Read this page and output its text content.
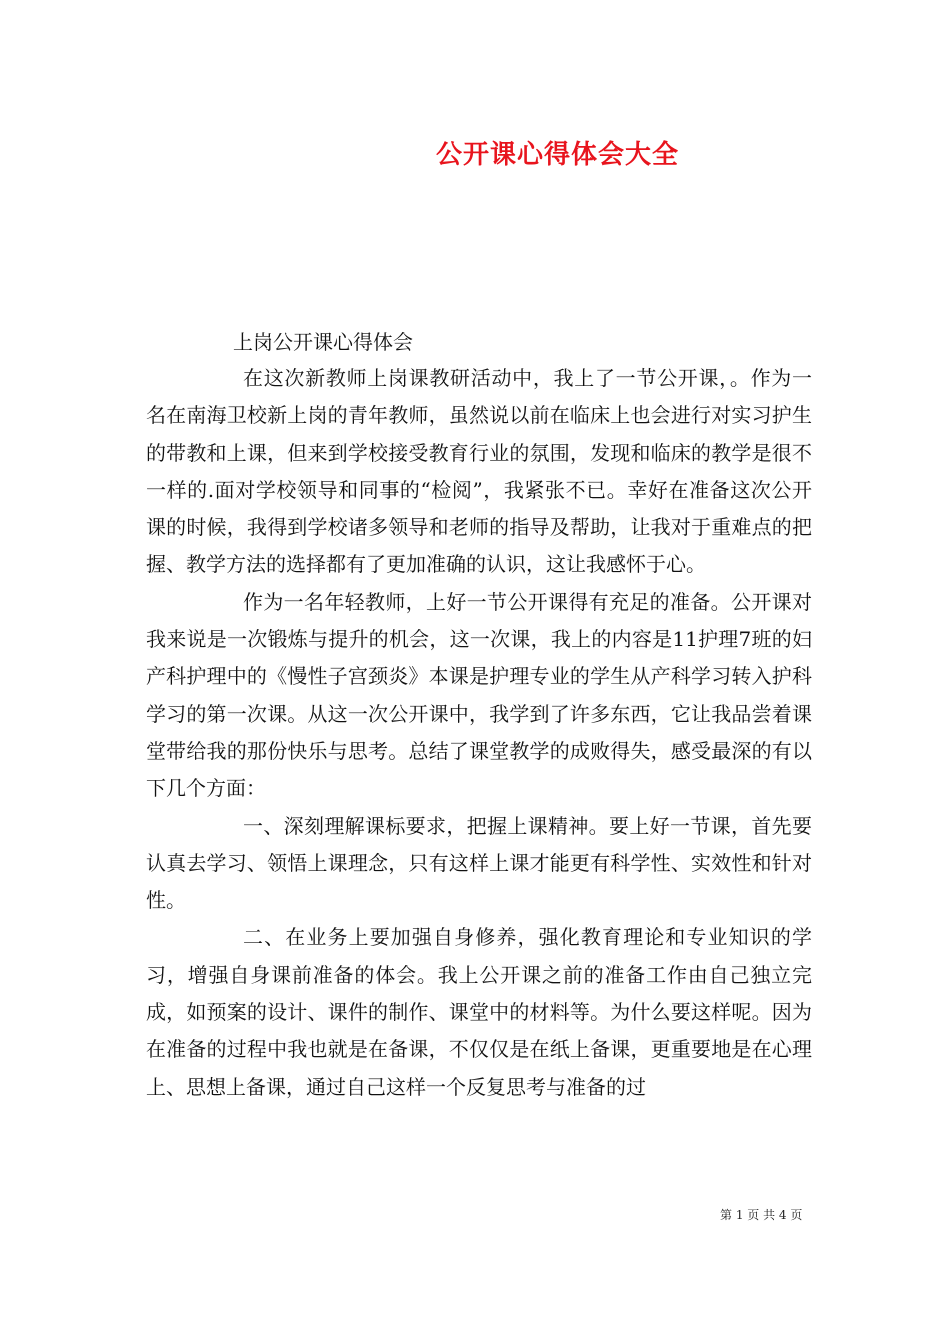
公开课心得体会大全
上岗公开课心得体会

在这次新教师上岗课教研活动中，我上了一节公开课，。作为一名在南海卫校新上岗的青年教师，虽然说以前在临床上也会进行对实习护生的带教和上课，但来到学校接受教育行业的氛围，发现和临床的教学是很不一样的.面对学校领导和同事的“检阅”，我紧张不已。幸好在准备这次公开课的时候，我得到学校诸多领导和老师的指导及帮助，让我对于重难点的把握、教学方法的选择都有了更加准确的认识，这让我感怀于心。

作为一名年轻教师，上好一节公开课得有充足的准备。公开课对我来说是一次锻炼与提升的机会，这一次课，我上的内容是11护理7班的妇产科护理中的《慢性子宫颈炎》本课是护理专业的学生从产科学习转入护科学习的第一次课。从这一次公开课中，我学到了许多东西，它让我品尝着课堂带给我的那份快乐与思考。总结了课堂教学的成败得失，感受最深的有以下几个方面：

一、深刻理解课标要求，把握上课精神。要上好一节课，首先要认真去学习、领悟上课理念，只有这样上课才能更有科学性、实效性和针对性。

二、在业务上要加强自身修养，强化教育理论和专业知识的学习，增强自身课前准备的体会。我上公开课之前的准备工作由自己独立完成，如预案的设计、课件的制作、课堂中的材料等。为什么要这样呢。因为在准备的过程中我也就是在备课，不仅仅是在纸上备课，更重要地是在心理上、思想上备课，通过自己这样一个反复思考与准备的过

第 1 页 共 4 页
